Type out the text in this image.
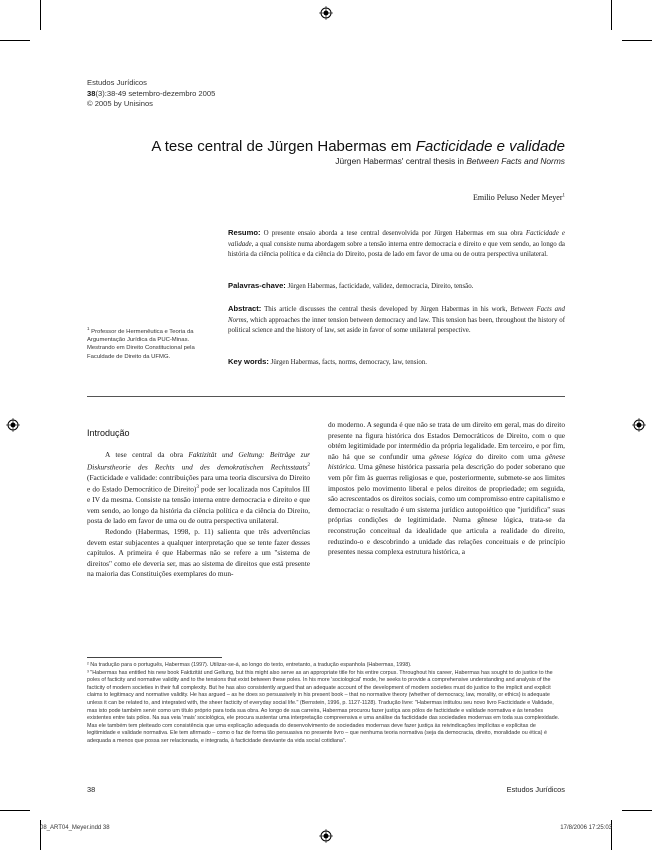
Estudos Jurídicos
38(3):38-49 setembro-dezembro 2005
© 2005 by Unisinos
A tese central de Jürgen Habermas em Facticidade e validade
Jürgen Habermas' central thesis in Between Facts and Norms
Emilio Peluso Neder Meyer$^1$
Resumo: O presente ensaio aborda a tese central desenvolvida por Jürgen Habermas em sua obra Facticidade e validade, a qual consiste numa abordagem sobre a tensão interna entre democracia e direito e que vem sendo, ao longo da história da ciência política e da ciência do Direito, posta de lado em favor de uma ou de outra perspectiva unilateral.
Palavras-chave: Jürgen Habermas, facticidade, validez, democracia, Direito, tensão.
Abstract: This article discusses the central thesis developed by Jürgen Habermas in his work, Between Facts and Norms, which approaches the inner tension between democracy and law. This tension has been, throughout the history of political science and the history of law, set aside in favor of some unilateral perspective.
Key words: Jürgen Habermas, facts, norms, democracy, law, tension.
$^1$ Professor de Hermenêutica e Teoria da Argumentação Jurídica da PUC-Minas. Mestrando em Direito Constitucional pela Faculdade de Direito da UFMG.
Introdução

A tese central da obra Faktizität und Geltung: Beiträge zur Diskurstheorie des Rechts und des demokratischen Rechtsstaats$^2$ (Facticidade e validade: contribuições para uma teoria discursiva do Direito e do Estado Democrático de Direito)$^3$ pode ser localizada nos Capítulos III e IV da mesma. Consiste na tensão interna entre democracia e direito e que vem sendo, ao longo da história da ciência política e da ciência do Direito, posta de lado em favor de uma ou de outra perspectiva unilateral.

Redondo (Habermas, 1998, p. 11) salienta que três advertências devem estar subjacentes a qualquer interpretação que se tente fazer desses capítulos. A primeira é que Habermas não se refere a um "sistema de direitos" como ele deveria ser, mas ao sistema de direitos que está presente na maioria das Constituições exemplares do mun-

do moderno. A segunda é que não se trata de um direito em geral, mas do direito presente na figura histórica dos Estados Democráticos de Direito, com o que obtém legitimidade por intermédio da própria legalidade. Em terceiro, e por fim, não há que se confundir uma gênese lógica do direito com uma gênese histórica. Uma gênese histórica passaria pela descrição do poder soberano que vem pôr fim às guerras religiosas e que, posteriormente, submete-se aos limites impostos pelo movimento liberal e pelos direitos de propriedade; em seguida, são acrescentados os direitos sociais, como um compromisso entre capitalismo e democracia: o resultado é um sistema jurídico autopoiético que "juridifica" suas próprias condições de legitimidade. Numa gênese lógica, trata-se da reconstrução conceitual da idealidade que articula a realidade do direito, reduzindo-o e descobrindo a unidade das relações conceituais e de princípio presentes nessa complexa estrutura histórica, a

² Na tradução para o português, Habermas (1997). Utilizar-se-á, ao longo do texto, entretanto, a tradução espanhola (Habermas, 1998).

³ "Habermas has entitled his new book Faktizität und Geltung, but this might also serve as an appropriate title for his entire corpus. Throughout his career, Habermas has sought to do justice to the poles of facticity and normative validity and to the tensions that exist between these poles. In his more 'sociological' mode, he seeks to provide a comprehensive understanding and analysis of the facticity of modern societies in their full complexity. But he has also consistently argued that an adequate account of the development of modern societies must do justice to the implicit and explicit claims to legitimacy and normative validity. He has argued – as he does so persuasively in his present book – that no normative theory (whether of democracy, law, morality, or ethics) is adequate unless it can be related to, and integrated with, the sheer facticity of everyday social life." (Bernstein, 1996, p. 1127-1128). Tradução livre: "Habermas intitulou seu novo livro Facticidade e Validade, mas isto pode também servir como um título próprio para toda sua obra. Ao longo de sua carreira, Habermas procurou fazer justiça aos pólos de facticidade e validade normativa e às tensões existentes entre tais pólos. Na sua veia 'mais' sociológica, ele procura sustentar uma interpretação compreensiva e uma análise da facticidade das sociedades modernas em toda sua complexidade. Mas ele também tem pleiteado com consistência que uma explicação adequada do desenvolvimento de sociedades modernas deve fazer justiça às reivindicações implícitas e explícitas de legitimidade e validade normativa. Ele tem afirmado – como o faz de forma tão persuasiva no presente livro – que nenhuma teoria normativa (seja da democracia, direito, moralidade ou ética) é adequada a menos que possa ser relacionada, e integrada, à facticidade desviante da vida social cotidiana".

38	Estudos Jurídicos
08_ART04_Meyer.indd 38	17/8/2006 17:25:03
